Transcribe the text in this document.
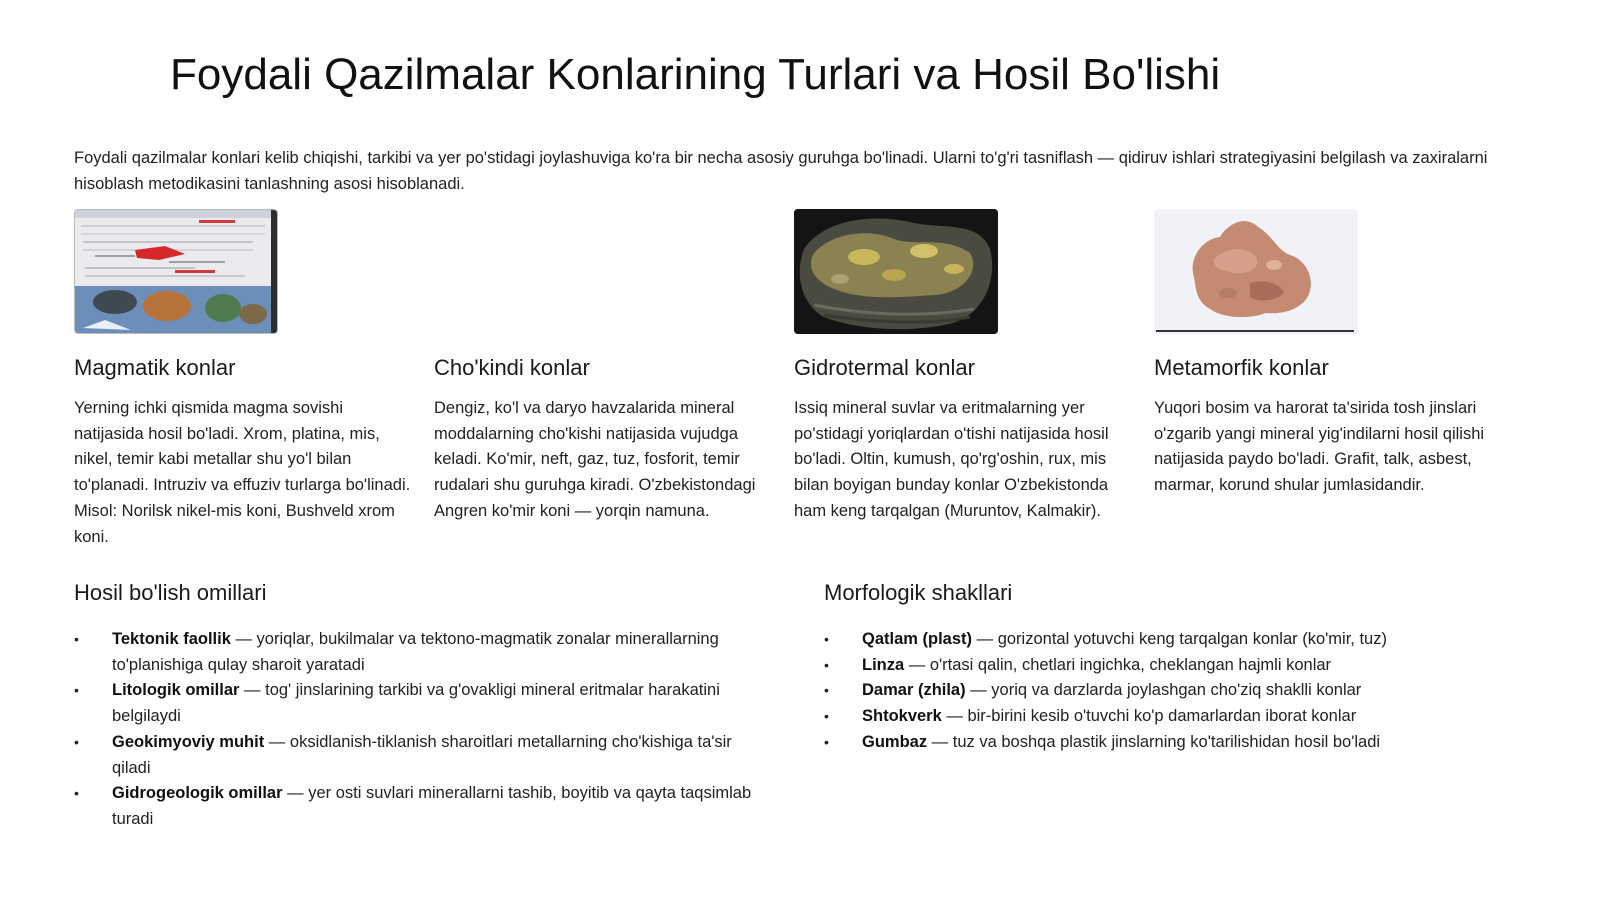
Foydali Qazilmalar Konlarining Turlari va Hosil Bo'lishi

Foydali qazilmalar konlari kelib chiqishi, tarkibi va yer po'stidagi joylashuviga ko'ra bir necha asosiy guruhga bo'linadi. Ularni to'g'ri tasniflash — qidiruv ishlari strategiyasini belgilash va zaxiralarni hisoblash metodikasini tanlashning asosi hisoblanadi.

Magmatik konlar

Yerning ichki qismida magma sovishi natijasida hosil bo'ladi. Xrom, platina, mis, nikel, temir kabi metallar shu yo'l bilan to'planadi. Intruziv va effuziv turlarga bo'linadi. Misol: Norilsk nikel-mis koni, Bushveld xrom koni.

Cho'kindi konlar

Dengiz, ko'l va daryo havzalarida mineral moddalarning cho'kishi natijasida vujudga keladi. Ko'mir, neft, gaz, tuz, fosforit, temir rudalari shu guruhga kiradi. O'zbekistondagi Angren ko'mir koni — yorqin namuna.

Gidrotermal konlar

Issiq mineral suvlar va eritmalarning yer po'stidagi yoriqlardan o'tishi natijasida hosil bo'ladi. Oltin, kumush, qo'rg'oshin, rux, mis bilan boyigan bunday konlar O'zbekistonda ham keng tarqalgan (Muruntov, Kalmakir).

Metamorfik konlar

Yuqori bosim va harorat ta'sirida tosh jinslari o'zgarib yangi mineral yig'indilarni hosil qilishi natijasida paydo bo'ladi. Grafit, talk, asbest, marmar, korund shular jumlasidandir.

Hosil bo'lish omillari
• Tektonik faollik — yoriqlar, bukilmalar va tektono-magmatik zonalar minerallarning to'planishiga qulay sharoit yaratadi
• Litologik omillar — tog' jinslarining tarkibi va g'ovakligi mineral eritmalar harakatini belgilaydi
• Geokimyoviy muhit — oksidlanish-tiklanish sharoitlari metallarning cho'kishiga ta'sir qiladi
• Gidrogeologik omillar — yer osti suvlari minerallarni tashib, boyitib va qayta taqsimlab turadi
Morfologik shakllari
• Qatlam (plast) — gorizontal yotuvchi keng tarqalgan konlar (ko'mir, tuz)
• Linza — o'rtasi qalin, chetlari ingichka, cheklangan hajmli konlar
• Damar (zhila) — yoriq va darzlarda joylashgan cho'ziq shaklli konlar
• Shtokverk — bir-birini kesib o'tuvchi ko'p damarlardan iborat konlar
• Gumbaz — tuz va boshqa plastik jinslarning ko'tarilishidan hosil bo'ladi
